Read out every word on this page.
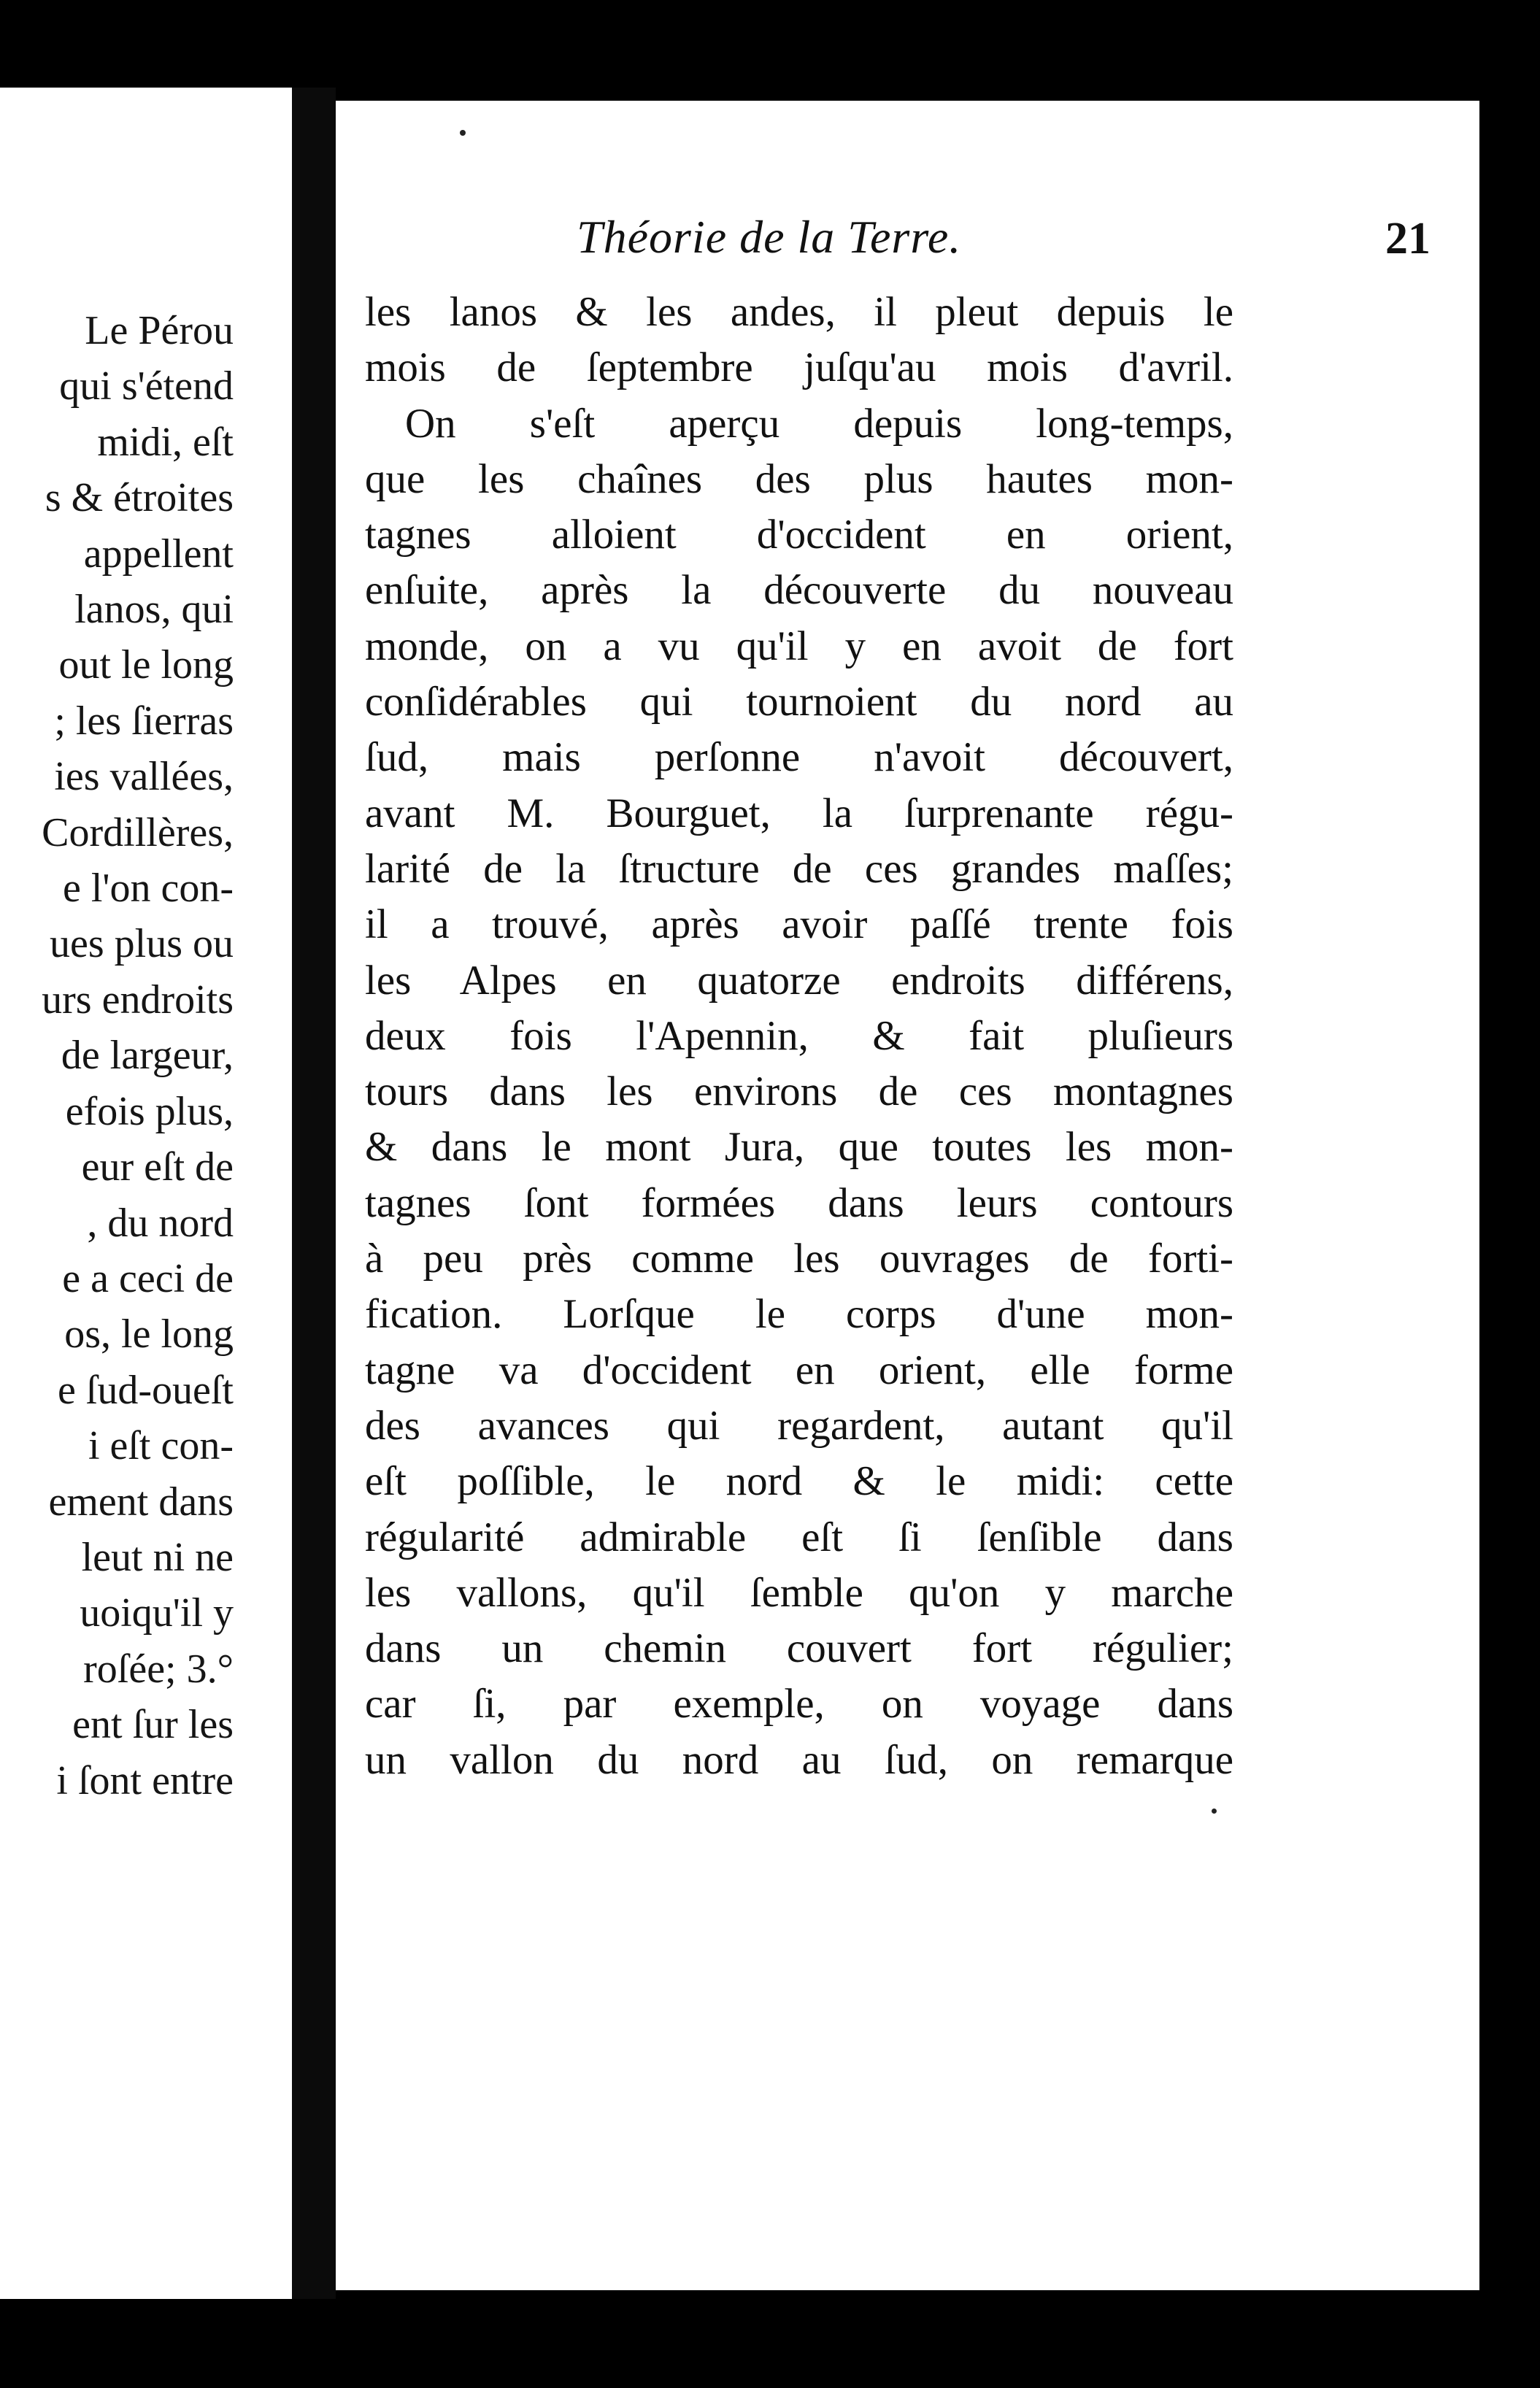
Le Pérou
qui s'étend
midi, eſt
s & étroites
appellent
lanos, qui
out le long
; les ſierras
ies vallées,
Cordillères,
e l'on con-
ues plus ou
urs endroits
de largeur,
efois plus,
eur eſt de
, du nord
e a ceci de
os, le long
e ſud-oueſt
i eſt con-
ement dans
leut ni ne
uoiqu'il y
roſée; 3.°
ent ſur les
i ſont entre
Théorie de la Terre.	21
les lanos & les andes, il pleut depuis le
mois de ſeptembre juſqu'au mois d'avril.
On s'eſt aperçu depuis long-temps,
que les chaînes des plus hautes mon-
tagnes alloient d'occident en orient,
enſuite, après la découverte du nouveau
monde, on a vu qu'il y en avoit de fort
conſidérables qui tournoient du nord au
ſud, mais perſonne n'avoit découvert,
avant M. Bourguet, la ſurprenante régu-
larité de la ſtructure de ces grandes maſſes;
il a trouvé, après avoir paſſé trente fois
les Alpes en quatorze endroits différens,
deux fois l'Apennin, & fait pluſieurs
tours dans les environs de ces montagnes
& dans le mont Jura, que toutes les mon-
tagnes ſont formées dans leurs contours
à peu près comme les ouvrages de forti-
fication. Lorſque le corps d'une mon-
tagne va d'occident en orient, elle forme
des avances qui regardent, autant qu'il
eſt poſſible, le nord & le midi: cette
régularité admirable eſt ſi ſenſible dans
les vallons, qu'il ſemble qu'on y marche
dans un chemin couvert fort régulier;
car ſi, par exemple, on voyage dans
un vallon du nord au ſud, on remarque
